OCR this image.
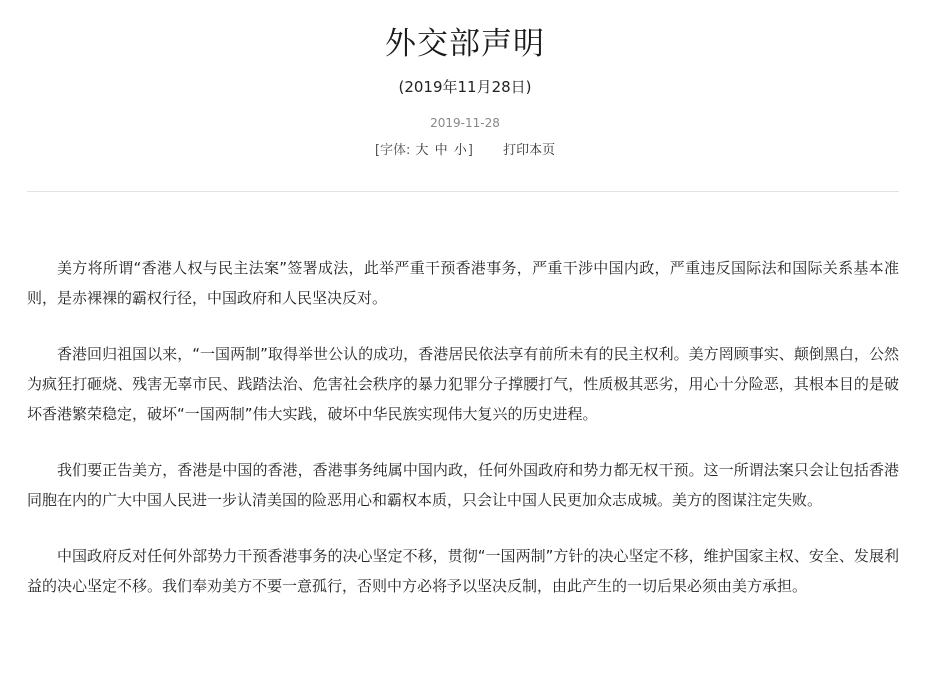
外交部声明
(2019年11月28日)
2019-11-28
[字体: 大 中 小] 打印本页

美方将所谓“香港人权与民主法案”签署成法，此举严重干预香港事务，严重干涉中国内政，严重违反国际法和国际关系基本准则，是赤裸裸的霸权行径，中国政府和人民坚决反对。

香港回归祖国以来，“一国两制”取得举世公认的成功，香港居民依法享有前所未有的民主权利。美方罔顾事实、颠倒黑白，公然为疯狂打砸烧、残害无辜市民、践踏法治、危害社会秩序的暴力犯罪分子撑腰打气，性质极其恶劣，用心十分险恶，其根本目的是破坏香港繁荣稳定，破坏“一国两制”伟大实践，破坏中华民族实现伟大复兴的历史进程。

我们要正告美方，香港是中国的香港，香港事务纯属中国内政，任何外国政府和势力都无权干预。这一所谓法案只会让包括香港同胞在内的广大中国人民进一步认清美国的险恶用心和霸权本质，只会让中国人民更加众志成城。美方的图谋注定失败。

中国政府反对任何外部势力干预香港事务的决心坚定不移，贯彻“一国两制”方针的决心坚定不移，维护国家主权、安全、发展利益的决心坚定不移。我们奉劝美方不要一意孤行，否则中方必将予以坚决反制，由此产生的一切后果必须由美方承担。
